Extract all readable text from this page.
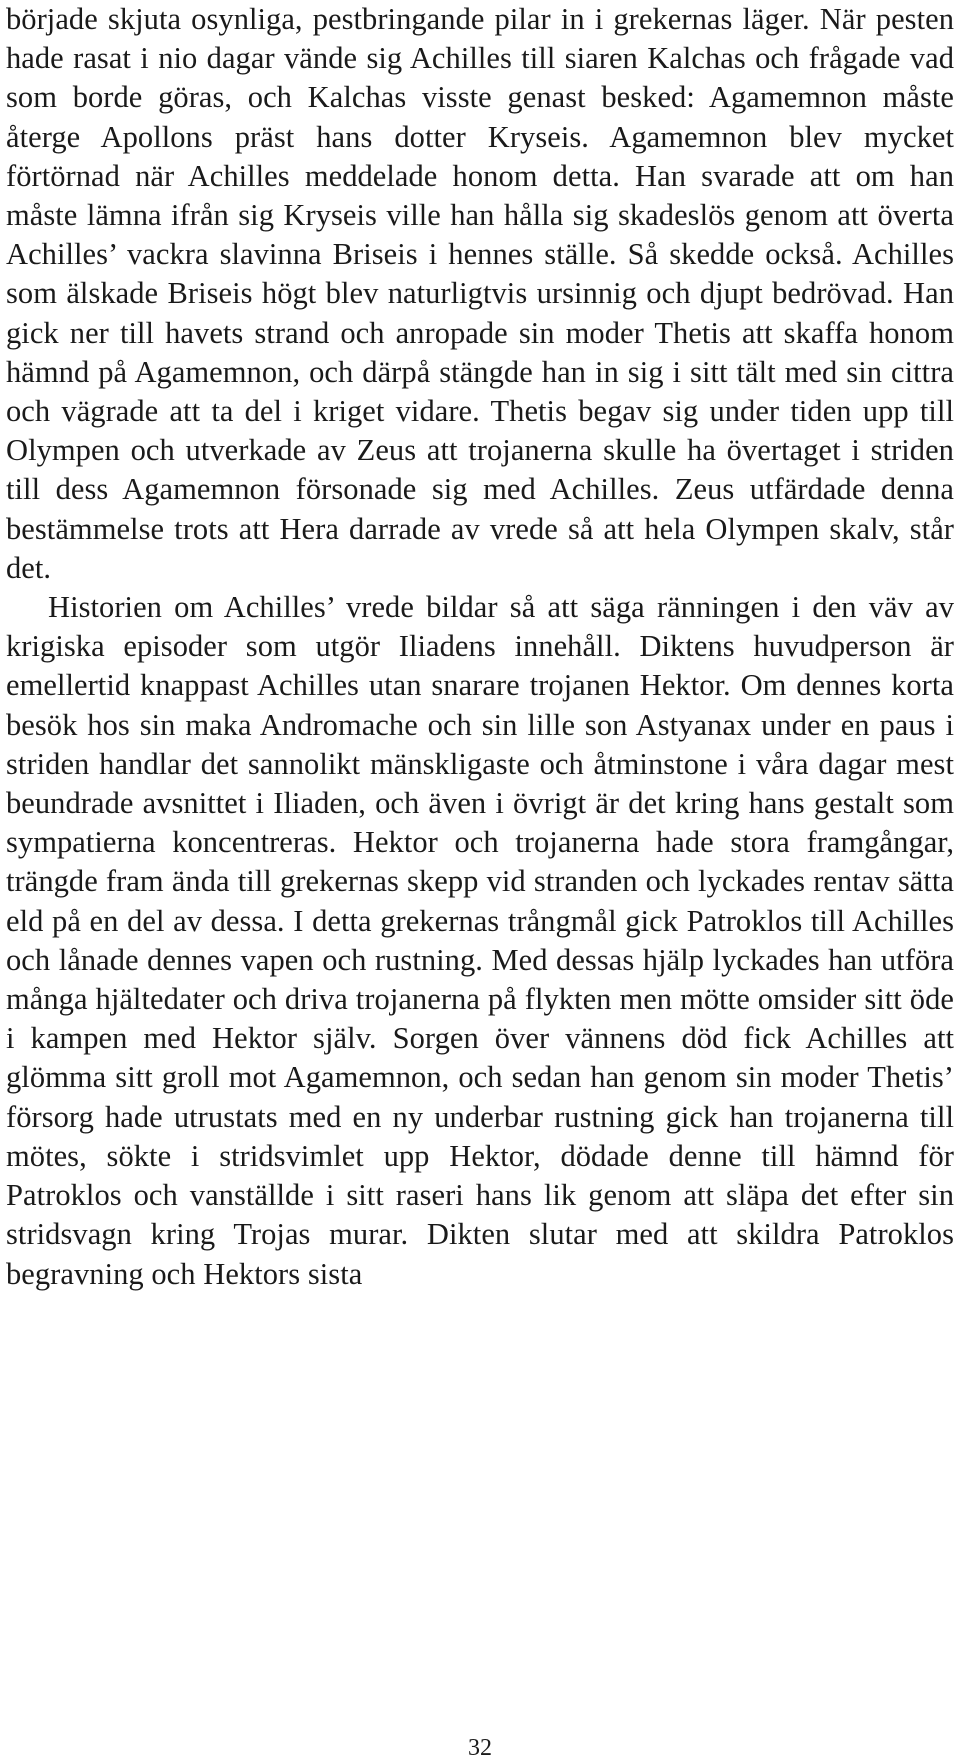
började skjuta osynliga, pestbringande pilar in i grekernas läger. När pesten hade rasat i nio dagar vände sig Achilles till siaren Kalchas och frågade vad som borde göras, och Kalchas visste genast besked: Agamemnon måste återge Apollons präst hans dotter Kryseis. Agamemnon blev mycket förtörnad när Achilles meddelade honom detta. Han svarade att om han måste lämna ifrån sig Kryseis ville han hålla sig skadeslös genom att överta Achilles’ vackra slavinna Briseis i hennes ställe. Så skedde också. Achilles som älskade Briseis högt blev naturligtvis ursinnig och djupt bedrövad. Han gick ner till havets strand och anropade sin moder Thetis att skaffa honom hämnd på Agamemnon, och därpå stängde han in sig i sitt tält med sin cittra och vägrade att ta del i kriget vidare. Thetis begav sig under tiden upp till Olympen och utverkade av Zeus att trojanerna skulle ha övertaget i striden till dess Agamemnon försonade sig med Achilles. Zeus utfärdade denna bestämmelse trots att Hera darrade av vrede så att hela Olympen skalv, står det.

Historien om Achilles’ vrede bildar så att säga ränningen i den väv av krigiska episoder som utgör Iliadens innehåll. Diktens huvudperson är emellertid knappast Achilles utan snarare trojanen Hektor. Om dennes korta besök hos sin maka Andromache och sin lille son Astyanax under en paus i striden handlar det sannolikt mänskligaste och åtminstone i våra dagar mest beundrade avsnittet i Iliaden, och även i övrigt är det kring hans gestalt som sympatierna koncentreras. Hektor och trojanerna hade stora framgångar, trängde fram ända till grekernas skepp vid stranden och lyckades rentav sätta eld på en del av dessa. I detta grekernas trångmål gick Patroklos till Achilles och lånade dennes vapen och rustning. Med dessas hjälp lyckades han utföra många hjältedater och driva trojanerna på flykten men mötte omsider sitt öde i kampen med Hektor själv. Sorgen över vännens död fick Achilles att glömma sitt groll mot Agamemnon, och sedan han genom sin moder Thetis’ försorg hade utrustats med en ny underbar rustning gick han trojanerna till mötes, sökte i stridsvimlet upp Hektor, dödade denne till hämnd för Patroklos och vanställde i sitt raseri hans lik genom att släpa det efter sin stridsvagn kring Trojas murar. Dikten slutar med att skildra Patroklos begravning och Hektors sista

32
